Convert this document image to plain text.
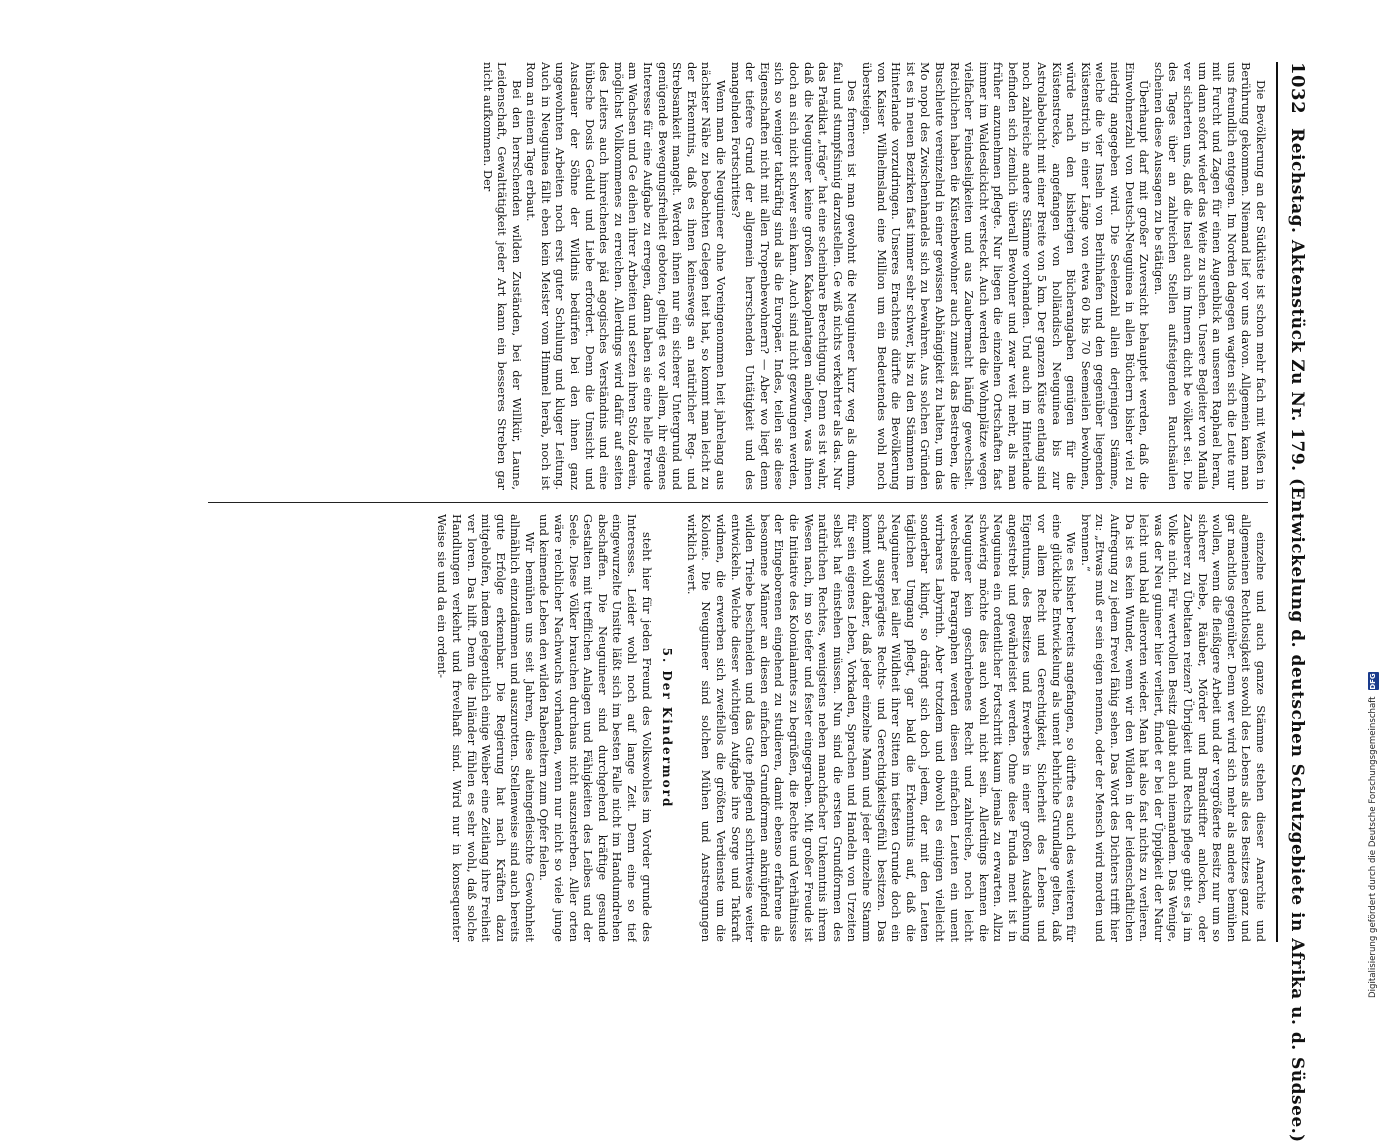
1032
Reichstag. Aktenstück Zu Nr. 179. (Entwickelung d. deutschen Schutzgebiete in Afrika u. d. Südsee.)

Die Bevölkerung an der Südküste ist schon mehr fach mit Weißen in Berührung gekommen. Niemand lief vor uns davon. Allgemein kam man uns freundlich entgegen. Im Norden dagegen wagten sich die Leute nur mit Furcht und Zagen für einen Augenblick an unseren Raphael heran, um dann sofort wieder das Weite zu suchen. Unsere Begleiter von Manila ver sicherten uns, daß die Insel auch im Innern dicht be völkert sei. Die des Tages über an zahlreichen Stellen aufsteigenden Rauchsäulen scheinen diese Aussagen zu be stätigen.

Überhaupt darf mit großer Zuversicht behauptet werden, daß die Einwohnerzahl von Deutsch-Neuguinea in allen Büchern bisher viel zu niedrig angegeben wird. Die Seelenzahl allein derjenigen Stämme, welche die vier Inseln von Berlinhafen und den gegenüber liegenden Küstenstrich in einer Länge von etwa 60 bis 70 Seemeilen bewohnen, würde nach den bisherigen Bücherangaben genügen für die Küstenstrecke, angefangen von holländisch Neuguinea bis zur Astrolabebucht mit einer Breite von 5 km. Der ganzen Küste entlang sind noch zahlreiche andere Stämme vorhanden. Und auch im Hinterlande befinden sich ziemlich überall Bewohner und zwar weit mehr, als man früher anzunehmen pflegte. Nur liegen die einzelnen Ortschaften fast immer im Waldesdickicht versteckt. Auch werden die Wohnplätze wegen vielfacher Feindseligkeiten und aus Zaubermacht häufig gewechselt. Reichlichen haben die Küstenbewohner auch zumeist das Bestreben, die Buschleute vereinzelnd in einer gewissen Abhängigkeit zu halten, um das Mo nopol des Zwischenhandels sich zu bewahren. Aus solchen Gründen ist es in neuen Bezirken fast immer sehr schwer, bis zu den Stämmen im Hinterlande vorzudringen. Unseres Erachtens dürfte die Bevölkerung von Kaiser Wilhelmsland eine Million um ein Bedeutendes wohl noch übersteigen.

Des ferneren ist man gewohnt die Neuguineer kurz weg als dumm, faul und stumpfsinnig darzustellen. Ge wiß nichts verkehrter als das. Nur das Prädikat „träge“ hat eine scheinbare Berechtigung. Denn es ist wahr, daß die Neuguineer keine großen Kakaoplantagen anlegen, was ihnen doch an sich nicht schwer sein kann. Auch sind nicht gezwungen werden, sich so weniger tatkräftig sind als die Europäer. Indes, teilen sie diese Eigenschaften nicht mit allen Tropenbewohnern? — Aber wo liegt denn der tiefere Grund der allgemein herrschenden Untätigkeit und des mangelnden Fortschrittes?

Wenn man die Neuguineer ohne Voreingenommen heit jahrelang aus nächster Nähe zu beobachten Gelegen heit hat, so kommt man leicht zu der Erkenntnis, daß es ihnen keineswegs an natürlicher Reg- und Strebsamkeit mangelt. Werden ihnen nur ein sicherer Untergrund und genügende Bewegungsfreiheit geboten, gelingt es vor allem, ihr eigenes Interesse für eine Aufgabe zu erregen, dann haben sie eine helle Freude am Wachsen und Ge deihen ihrer Arbeiten und setzen ihren Stolz darein, möglichst Vollkommenes zu erreichen. Allerdings wird dafür auf seiten des Leiters auch hinreichendes päd agogisches Verständnis und eine hübsche Dosis Geduld und Liebe erfordert. Denn die Umsicht und Ausdauer der Söhne der Wildnis bedürfen bei den ihnen ganz ungewohnten Arbeiten noch erst guter Schulung und kluger Leitung. Auch in Neuguinea fällt eben kein Meister vom Himmel herab, noch ist Rom an einem Tage erbaut.

Bei den herrschenden wilden Zuständen, bei der Willkür, Laune, Leidenschaft, Gewalttätigkeit jeder Art kann ein besseres Streben gar nicht aufkommen. Der

einzelne und auch ganze Stämme stehen dieser Anarchie und allgemeinen Rechtlosigkeit sowohl des Lebens als des Besitzes ganz und gar machtlos gegenüber. Denn wer wird sich mehr als andere bemühen wollen, wenn die fleißigere Arbeit und der vergrößerte Besitz nur um so sicherer Diebe, Räuber, Mörder und Brandstifter anlocken, oder Zauberer zu Übeltaten reizen? Übrigkeit und Rechts pflege gibt es ja im Volke nicht. Für wertvollen Besitz glaubt auch niemandem. Das Wenige, was der Neu guineer hier verliert, findet er bei der Üppigkeit der Natur leicht und bald allerorten wieder. Man hat also fast nichts zu verlieren. Da ist es kein Wunder, wenn wir den Wilden in der leidenschaftlichen Aufregung zu jedem Frevel fähig sehen. Das Wort des Dichters trifft hier zu: „Etwas muß er sein eigen nennen, oder der Mensch wird morden und brennen.“

Wie es bisher bereits angefangen, so dürfte es auch des weiteren für eine glückliche Entwickelung als unent behrliche Grundlage gelten, daß vor allem Recht und Gerechtigkeit, Sicherheit des Lebens und Eigentums, des Besitzes und Erwerbes in einer großen Ausdehnung angestrebt und gewährleistet werden. Ohne diese Funda ment ist in Neuguinea ein ordentlicher Fortschritt kaum jemals zu erwarten. Allzu schwierig möchte dies auch wohl nicht sein. Allerdings kennen die Neuguineer kein geschriebenes Recht und zahlreiche, noch leicht wechselnde Paragraphen werden diesen einfachen Leuten ein unent wirrbares Labyrinth. Aber trotzdem und obwohl es einigen vielleicht sonderbar klingt, so drängt sich doch jedem, der mit den Leuten täglichen Umgang pflegt, gar bald die Erkenntnis auf, daß die Neuguineer bei aller Wildheit ihrer Sitten im tiefsten Grunde doch ein scharf ausgeprägtes Rechts- und Gerechtigkeitsgefühl besitzen. Das kommt wohl daher, daß jeder einzelne Mann und jeder einzelne Stamm für sein eigenes Leben, Vorkaden, Sprachen und Handeln von Urzeiten selbst hat einstehen müssen. Nun sind die ersten Grundformen des natürlichen Rechtes, wenigstens neben manchfacher Unkenntnis ihrem Wesen nach, im so tiefer und fester eingegraben. Mit großer Freude ist die Initiative des Kolonialamtes zu begrüßen, die Rechte und Verhältnisse der Eingeborenen eingehend zu studieren, damit ebenso erfahrene als besonnene Männer an diesen einfachen Grundformen anknüpfend die wilden Triebe beschneiden und das Gute pflegend schrittweise weiter entwickeln. Welche dieser wichtigen Aufgabe ihre Sorge und Tatkraft widmen, die erwerben sich zweifellos die größten Verdienste um die Kolonie. Die Neuguineer sind solchen Mühen und Anstrengungen wirklich wert.

5. Der Kindermord

steht hier für jeden Freund des Volkswohles im Vorder grunde des Interesses. Leider wohl noch auf lange Zeit. Denn eine so tief eingewurzelte Unsitte läßt sich im besten Falle nicht im Handumdrehen abschaffen. Die Neuguineer sind durchgehend kräftige gesunde Gestalten mit trefflichen Anlagen und Fähigkeiten des Leibes und der Seele. Diese Völker brauchen durchaus nicht auszusterben. Aller orten wäre reichlicher Nachwuchs vorhanden, wenn nur nicht so viele junge und keimende Leben den wilden Rabeneltern zum Opfer fielen.

Wir bemühen uns seit Jahren, diese alteingefleischte Gewohnheit allmählich einzudämmen und auszurotten. Stellenweise sind auch bereits gute Erfolge erkennbar. Die Regierung hat nach Kräften dazu mitgeholfen, indem gelegentlich einige Weiber eine Zeitlang ihre Freiheit ver loren. Das hilft. Denn die Inländer fühlen es sehr wohl, daß solche Handlungen verkehrt und frevelhaft sind. Wird nur in konsequenter Weise sie und da ein ordent-

Digitalisierung gefördert durch die Deutsche Forschungsgemeinschaft
DFG
